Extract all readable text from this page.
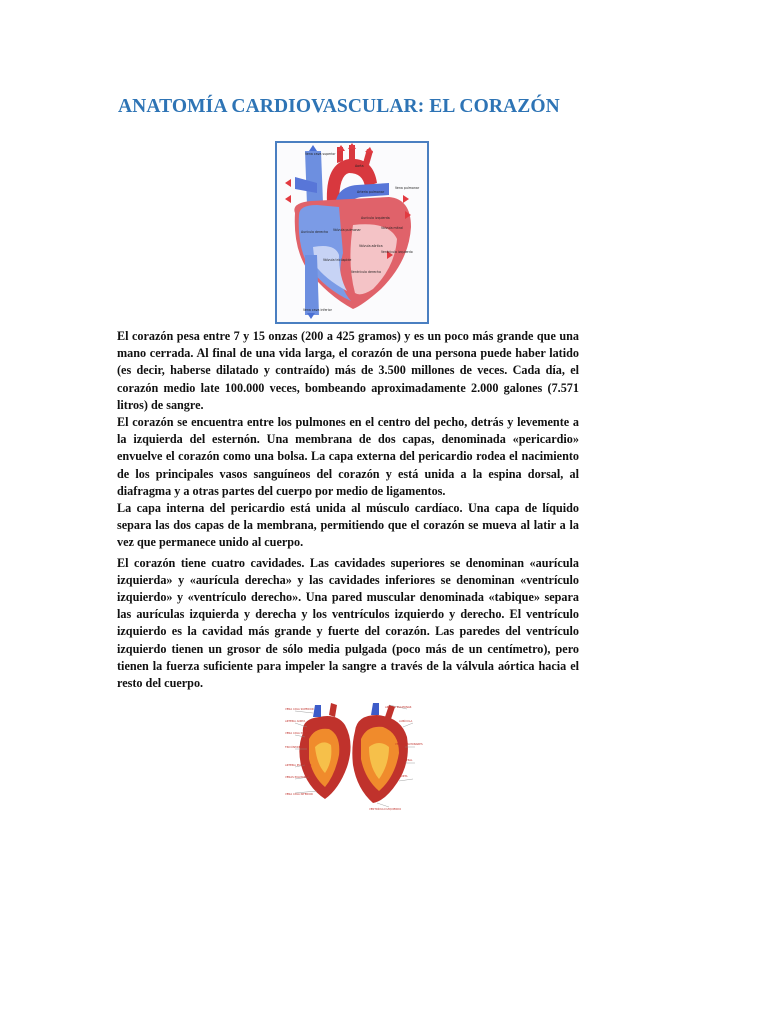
ANATOMÍA CARDIOVASCULAR: EL CORAZÓN
Vena cava superior
Aorta
Arteria pulmonar
Vena pulmonar
Aurícula derecha
Aurícula izquierda
Válvula pulmonar	Válvula mitral
Válvula aórtica
Válvula tricúspide
Ventrículo izquierdo
Ventrículo derecho
Vena cava inferior

El corazón pesa entre 7 y 15 onzas (200 a 425 gramos) y es un poco más grande que una mano cerrada. Al final de una vida larga, el corazón de una persona puede haber latido (es decir, haberse dilatado y contraído) más de 3.500 millones de veces. Cada día, el corazón medio late 100.000 veces, bombeando aproximadamente 2.000 galones (7.571 litros) de sangre.

El corazón se encuentra entre los pulmones en el centro del pecho, detrás y levemente a la izquierda del esternón. Una membrana de dos capas, denominada «pericardio» envuelve el corazón como una bolsa. La capa externa del pericardio rodea el nacimiento de los principales vasos sanguíneos del corazón y está unida a la espina dorsal, al diafragma y a otras partes del cuerpo por medio de ligamentos.

La capa interna del pericardio está unida al músculo cardíaco. Una capa de líquido separa las dos capas de la membrana, permitiendo que el corazón se mueva al latir a la vez que permanece unido al cuerpo.

El corazón tiene cuatro cavidades. Las cavidades superiores se denominan «aurícula izquierda» y «aurícula derecha» y las cavidades inferiores se denominan «ventrículo izquierdo» y «ventrículo derecho». Una pared muscular denominada «tabique» separa las aurículas izquierda y derecha y los ventrículos izquierdo y derecho. El ventrículo izquierdo es la cavidad más grande y fuerte del corazón. Las paredes del ventrículo izquierdo tienen un grosor de sólo media pulgada (poco más de un centímetro), pero tienen la fuerza suficiente para impeler la sangre a través de la válvula aórtica hacia el resto del cuerpo.

VENA CAVA SUPERIOR
ARTERIA AORTA
VENA CAVA INFERIOR
TRICÚSPIDE
ARTERIA PULMONAR
VENAS PULMONARES
VENA CAVA INFERIOR
ARTERIA PULMONAR
AURÍCULA
VENAS PULMONARES
MITRAL
AORTA
VENTRÍCULO IZQUIERDO
